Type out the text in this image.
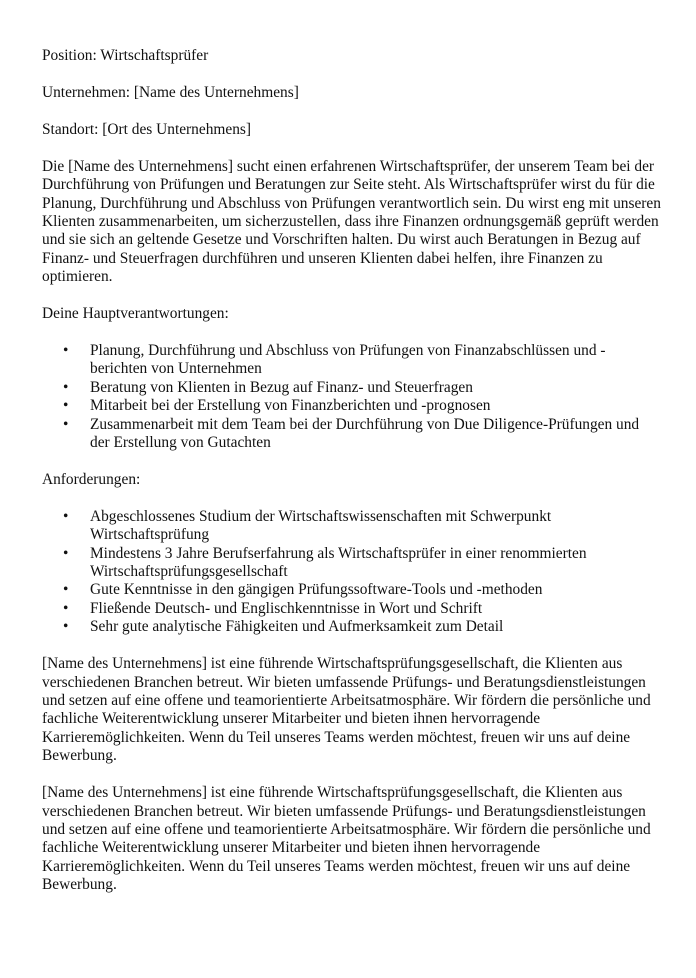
Position: Wirtschaftsprüfer

Unternehmen: [Name des Unternehmens]

Standort: [Ort des Unternehmens]

Die [Name des Unternehmens] sucht einen erfahrenen Wirtschaftsprüfer, der unserem Team bei der Durchführung von Prüfungen und Beratungen zur Seite steht. Als Wirtschaftsprüfer wirst du für die Planung, Durchführung und Abschluss von Prüfungen verantwortlich sein. Du wirst eng mit unseren Klienten zusammenarbeiten, um sicherzustellen, dass ihre Finanzen ordnungsgemäß geprüft werden und sie sich an geltende Gesetze und Vorschriften halten. Du wirst auch Beratungen in Bezug auf Finanz- und Steuerfragen durchführen und unseren Klienten dabei helfen, ihre Finanzen zu optimieren.

Deine Hauptverantwortungen:

• Planung, Durchführung und Abschluss von Prüfungen von Finanzabschlüssen und -berichten von Unternehmen
• Beratung von Klienten in Bezug auf Finanz- und Steuerfragen
• Mitarbeit bei der Erstellung von Finanzberichten und -prognosen
• Zusammenarbeit mit dem Team bei der Durchführung von Due Diligence-Prüfungen und der Erstellung von Gutachten

Anforderungen:

• Abgeschlossenes Studium der Wirtschaftswissenschaften mit Schwerpunkt Wirtschaftsprüfung
• Mindestens 3 Jahre Berufserfahrung als Wirtschaftsprüfer in einer renommierten Wirtschaftsprüfungsgesellschaft
• Gute Kenntnisse in den gängigen Prüfungssoftware-Tools und -methoden
• Fließende Deutsch- und Englischkenntnisse in Wort und Schrift
• Sehr gute analytische Fähigkeiten und Aufmerksamkeit zum Detail

[Name des Unternehmens] ist eine führende Wirtschaftsprüfungsgesellschaft, die Klienten aus verschiedenen Branchen betreut. Wir bieten umfassende Prüfungs- und Beratungsdienstleistungen und setzen auf eine offene und teamorientierte Arbeitsatmosphäre. Wir fördern die persönliche und fachliche Weiterentwicklung unserer Mitarbeiter und bieten ihnen hervorragende Karrieremöglichkeiten. Wenn du Teil unseres Teams werden möchtest, freuen wir uns auf deine Bewerbung.

[Name des Unternehmens] ist eine führende Wirtschaftsprüfungsgesellschaft, die Klienten aus verschiedenen Branchen betreut. Wir bieten umfassende Prüfungs- und Beratungsdienstleistungen und setzen auf eine offene und teamorientierte Arbeitsatmosphäre. Wir fördern die persönliche und fachliche Weiterentwicklung unserer Mitarbeiter und bieten ihnen hervorragende Karrieremöglichkeiten. Wenn du Teil unseres Teams werden möchtest, freuen wir uns auf deine Bewerbung.
